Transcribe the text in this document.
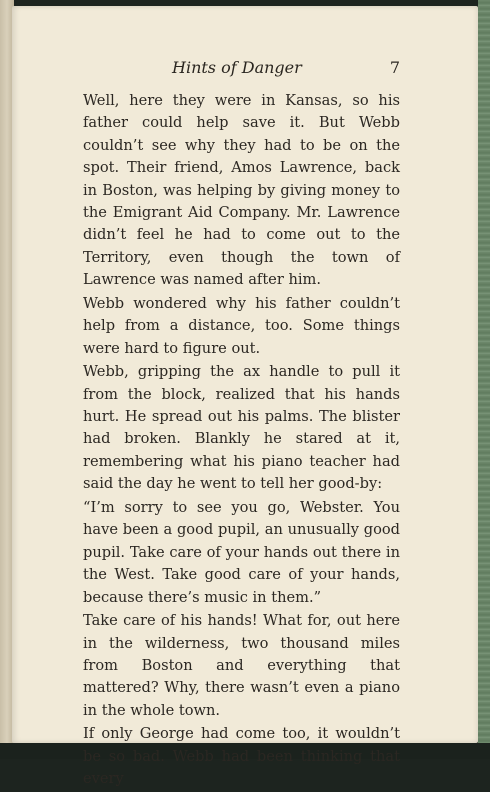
Hints of Danger	7

Well, here they were in Kansas, so his father could help save it. But Webb couldn’t see why they had to be on the spot. Their friend, Amos Lawrence, back in Boston, was helping by giving money to the Emigrant Aid Company. Mr. Lawrence didn’t feel he had to come out to the Territory, even though the town of Lawrence was named after him.

Webb wondered why his father couldn’t help from a distance, too. Some things were hard to figure out.

Webb, gripping the ax handle to pull it from the block, realized that his hands hurt. He spread out his palms. The blister had broken. Blankly he stared at it, remembering what his piano teacher had said the day he went to tell her good-by:

“I’m sorry to see you go, Webster. You have been a good pupil, an unusually good pupil. Take care of your hands out there in the West. Take good care of your hands, because there’s music in them.”

Take care of his hands! What for, out here in the wilderness, two thousand miles from Boston and everything that mattered? Why, there wasn’t even a piano in the whole town.

If only George had come too, it wouldn’t be so bad. Webb had been thinking that every
